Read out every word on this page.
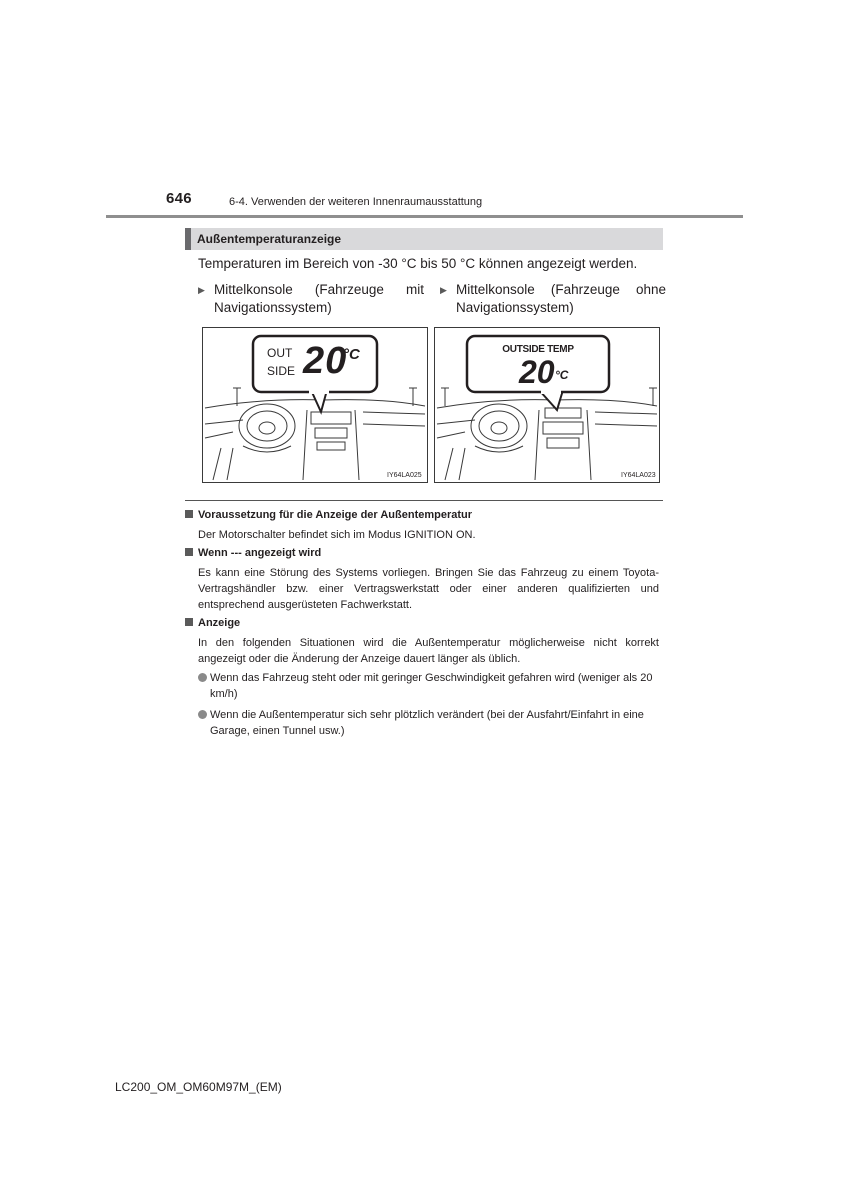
646	6-4. Verwenden der weiteren Innenraumausstattung
Außentemperaturanzeige
Temperaturen im Bereich von -30 °C bis 50 °C können angezeigt werden.
▶ Mittelkonsole (Fahrzeuge mit Navigationssystem)
▶ Mittelkonsole (Fahrzeuge ohne Navigationssystem)
OUT
SIDE 20
°C
IY64LA025
OUTSIDE TEMP
20 °C
IY64LA023
Voraussetzung für die Anzeige der Außentemperatur
Der Motorschalter befindet sich im Modus IGNITION ON.
Wenn --- angezeigt wird
Es kann eine Störung des Systems vorliegen. Bringen Sie das Fahrzeug zu einem Toyota-Vertragshändler bzw. einer Vertragswerkstatt oder einer anderen qualifizierten und entsprechend ausgerüsteten Fachwerkstatt.
Anzeige
In den folgenden Situationen wird die Außentemperatur möglicherweise nicht korrekt angezeigt oder die Änderung der Anzeige dauert länger als üblich.
Wenn das Fahrzeug steht oder mit geringer Geschwindigkeit gefahren wird (weniger als 20 km/h)
Wenn die Außentemperatur sich sehr plötzlich verändert (bei der Ausfahrt/Einfahrt in eine Garage, einen Tunnel usw.)
LC200_OM_OM60M97M_(EM)
